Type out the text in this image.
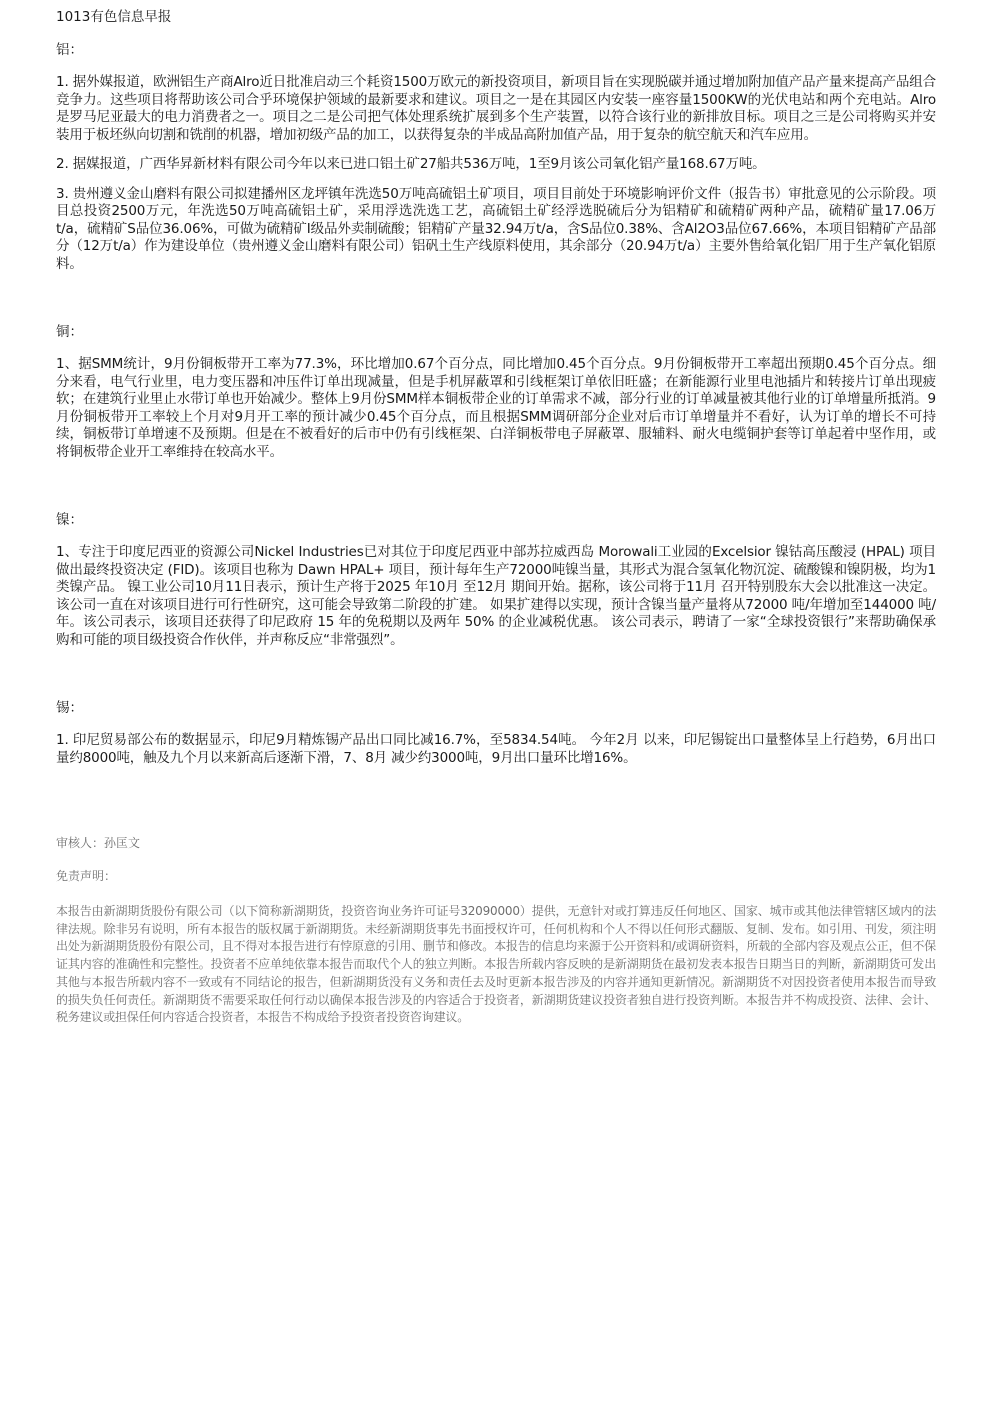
1013有色信息早报
铝：

1. 据外媒报道，欧洲铝生产商Alro近日批准启动三个耗资1500万欧元的新投资项目，新项目旨在实现脱碳并通过增加附加值产品产量来提高产品组合竞争力。这些项目将帮助该公司合乎环境保护领域的最新要求和建议。项目之一是在其园区内安装一座容量1500KW的光伏电站和两个充电站。Alro是罗马尼亚最大的电力消费者之一。项目之二是公司把气体处理系统扩展到多个生产装置，以符合该行业的新排放目标。项目之三是公司将购买并安装用于板坯纵向切割和铣削的机器，增加初级产品的加工，以获得复杂的半成品高附加值产品，用于复杂的航空航天和汽车应用。

2. 据媒报道，广西华昇新材料有限公司今年以来已进口铝土矿27船共536万吨，1至9月该公司氧化铝产量168.67万吨。

3. 贵州遵义金山磨料有限公司拟建播州区龙坪镇年洗选50万吨高硫铝土矿项目，项目目前处于环境影响评价文件（报告书）审批意见的公示阶段。项目总投资2500万元，年洗选50万吨高硫铝土矿，采用浮选洗选工艺，高硫铝土矿经浮选脱硫后分为铝精矿和硫精矿两种产品，硫精矿量17.06万t/a，硫精矿S品位36.06%，可做为硫精矿I级品外卖制硫酸；铝精矿产量32.94万t/a，含S品位0.38%、含Al2O3品位67.66%，本项目铝精矿产品部分（12万t/a）作为建设单位（贵州遵义金山磨料有限公司）铝矾土生产线原料使用，其余部分（20.94万t/a）主要外售给氧化铝厂用于生产氧化铝原料。

铜：

1、据SMM统计，9月份铜板带开工率为77.3%，环比增加0.67个百分点，同比增加0.45个百分点。9月份铜板带开工率超出预期0.45个百分点。细分来看，电气行业里，电力变压器和冲压件订单出现减量，但是手机屏蔽罩和引线框架订单依旧旺盛；在新能源行业里电池插片和转接片订单出现疲软；在建筑行业里止水带订单也开始减少。整体上9月份SMM样本铜板带企业的订单需求不减，部分行业的订单减量被其他行业的订单增量所抵消。9月份铜板带开工率较上个月对9月开工率的预计减少0.45个百分点，而且根据SMM调研部分企业对后市订单增量并不看好，认为订单的增长不可持续，铜板带订单增速不及预期。但是在不被看好的后市中仍有引线框架、白洋铜板带电子屏蔽罩、服辅料、耐火电缆铜护套等订单起着中坚作用，或将铜板带企业开工率维持在较高水平。

镍：

1、专注于印度尼西亚的资源公司Nickel Industries已对其位于印度尼西亚中部苏拉威西岛 Morowali工业园的Excelsior 镍钴高压酸浸 (HPAL) 项目做出最终投资决定 (FID)。该项目也称为 Dawn HPAL+ 项目，预计每年生产72000吨镍当量，其形式为混合氢氧化物沉淀、硫酸镍和镍阴极，均为1类镍产品。 镍工业公司10月11日表示，预计生产将于2025 年10月 至12月 期间开始。据称，该公司将于11月 召开特别股东大会以批准这一决定。该公司一直在对该项目进行可行性研究，这可能会导致第二阶段的扩建。 如果扩建得以实现，预计含镍当量产量将从72000 吨/年增加至144000 吨/年。该公司表示，该项目还获得了印尼政府 15 年的免税期以及两年 50% 的企业减税优惠。 该公司表示，聘请了一家“全球投资银行”来帮助确保承购和可能的项目级投资合作伙伴，并声称反应“非常强烈”。

锡：

1. 印尼贸易部公布的数据显示，印尼9月精炼锡产品出口同比减16.7%，至5834.54吨。 今年2月 以来，印尼锡锭出口量整体呈上行趋势，6月出口量约8000吨，触及九个月以来新高后逐渐下滑，7、8月 减少约3000吨，9月出口量环比增16%。

审核人：孙匡文
免责声明：

本报告由新湖期货股份有限公司（以下简称新湖期货，投资咨询业务许可证号32090000）提供，无意针对或打算违反任何地区、国家、城市或其他法律管辖区域内的法律法规。除非另有说明，所有本报告的版权属于新湖期货。未经新湖期货事先书面授权许可，任何机构和个人不得以任何形式翻版、复制、发布。如引用、刊发，须注明出处为新湖期货股份有限公司，且不得对本报告进行有悖原意的引用、删节和修改。本报告的信息均来源于公开资料和/或调研资料，所载的全部内容及观点公正，但不保证其内容的准确性和完整性。投资者不应单纯依靠本报告而取代个人的独立判断。本报告所载内容反映的是新湖期货在最初发表本报告日期当日的判断，新湖期货可发出其他与本报告所载内容不一致或有不同结论的报告，但新湖期货没有义务和责任去及时更新本报告涉及的内容并通知更新情况。新湖期货不对因投资者使用本报告而导致的损失负任何责任。新湖期货不需要采取任何行动以确保本报告涉及的内容适合于投资者，新湖期货建议投资者独自进行投资判断。本报告并不构成投资、法律、会计、税务建议或担保任何内容适合投资者，本报告不构成给予投资者投资咨询建议。
